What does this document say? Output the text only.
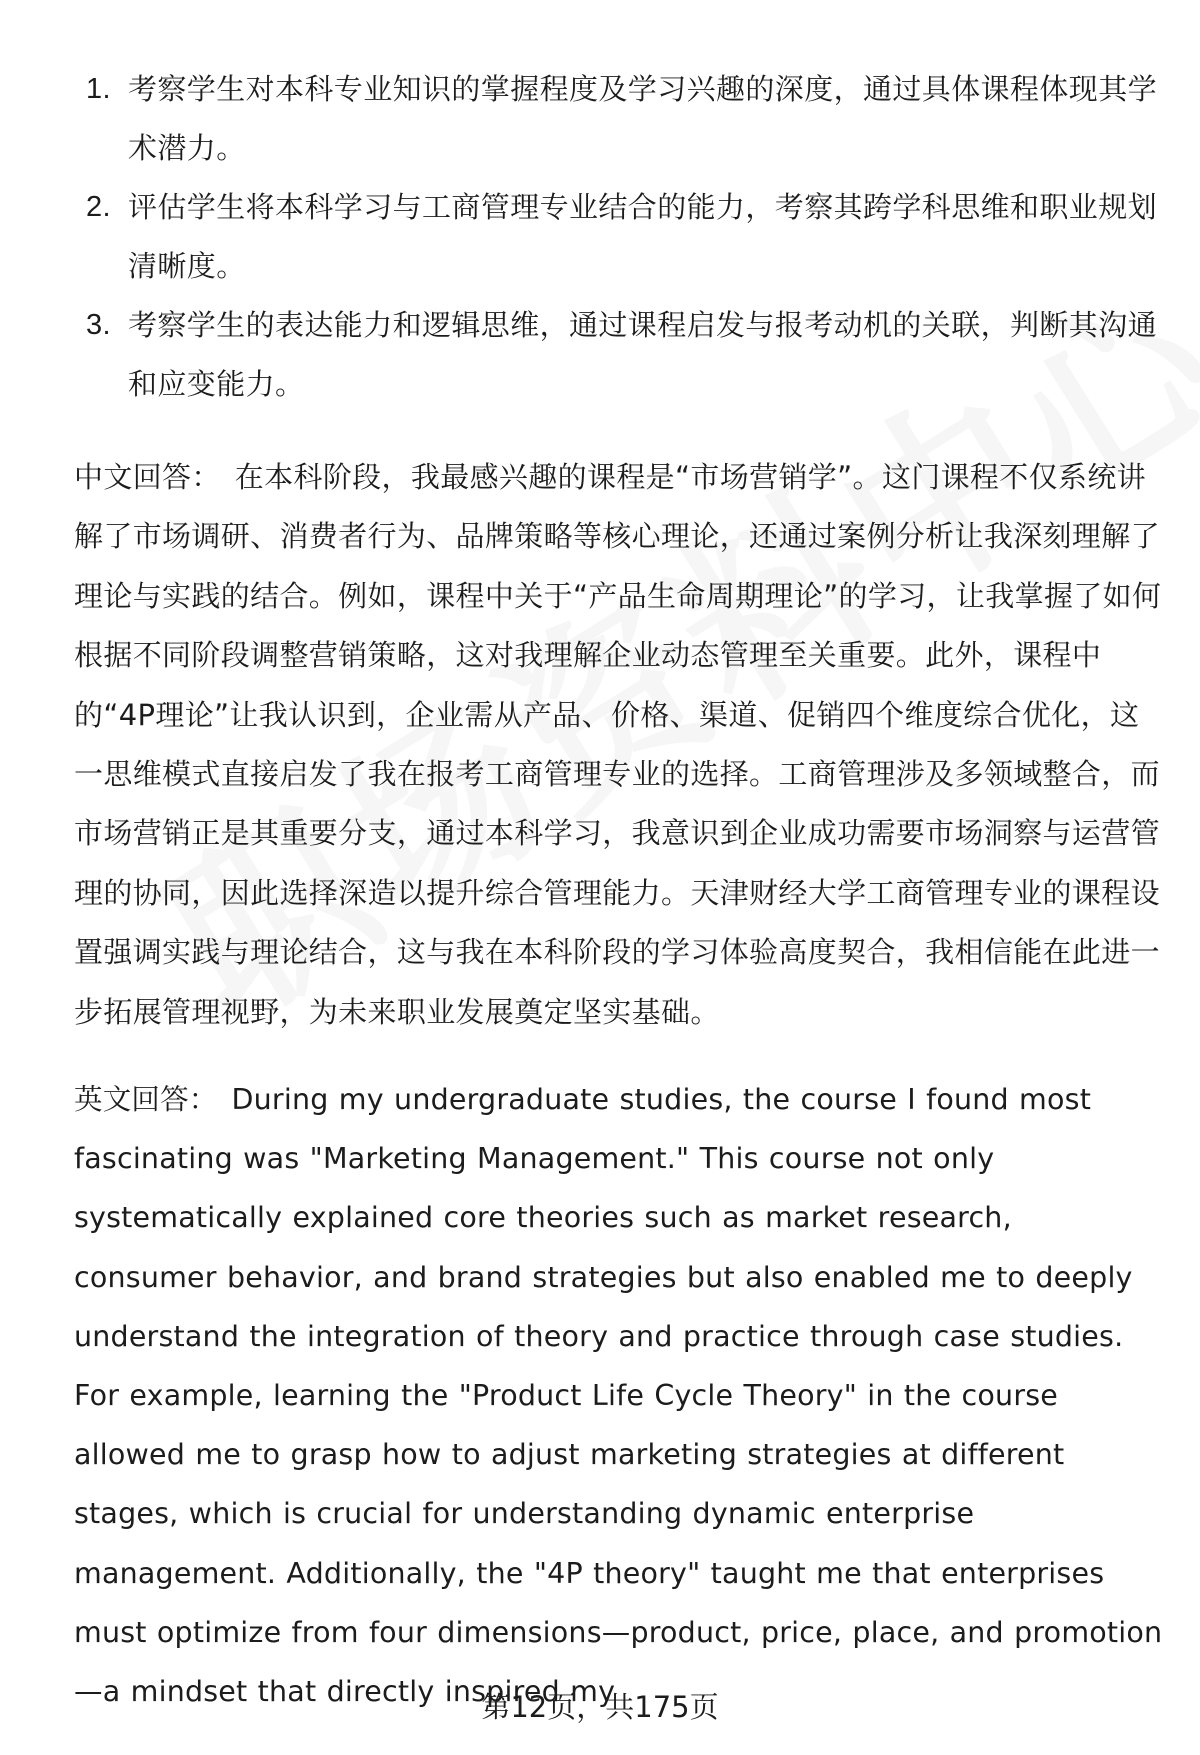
1. 考察学生对本科专业知识的掌握程度及学习兴趣的深度，通过具体课程体现其学术潜力。
2. 评估学生将本科学习与工商管理专业结合的能力，考察其跨学科思维和职业规划清晰度。
3. 考察学生的表达能力和逻辑思维，通过课程启发与报考动机的关联，判断其沟通和应变能力。

中文回答： 在本科阶段，我最感兴趣的课程是“市场营销学”。这门课程不仅系统讲解了市场调研、消费者行为、品牌策略等核心理论，还通过案例分析让我深刻理解了理论与实践的结合。例如，课程中关于“产品生命周期理论”的学习，让我掌握了如何根据不同阶段调整营销策略，这对我理解企业动态管理至关重要。此外，课程中的“4P理论”让我认识到，企业需从产品、价格、渠道、促销四个维度综合优化，这一思维模式直接启发了我在报考工商管理专业的选择。工商管理涉及多领域整合，而市场营销正是其重要分支，通过本科学习，我意识到企业成功需要市场洞察与运营管理的协同，因此选择深造以提升综合管理能力。天津财经大学工商管理专业的课程设置强调实践与理论结合，这与我在本科阶段的学习体验高度契合，我相信能在此进一步拓展管理视野，为未来职业发展奠定坚实基础。

英文回答： During my undergraduate studies, the course I found most fascinating was "Marketing Management." This course not only systematically explained core theories such as market research, consumer behavior, and brand strategies but also enabled me to deeply understand the integration of theory and practice through case studies. For example, learning the "Product Life Cycle Theory" in the course allowed me to grasp how to adjust marketing strategies at different stages, which is crucial for understanding dynamic enterprise management. Additionally, the "4P theory" taught me that enterprises must optimize from four dimensions—product, price, place, and promotion—a mindset that directly inspired my

第12页，共175页
